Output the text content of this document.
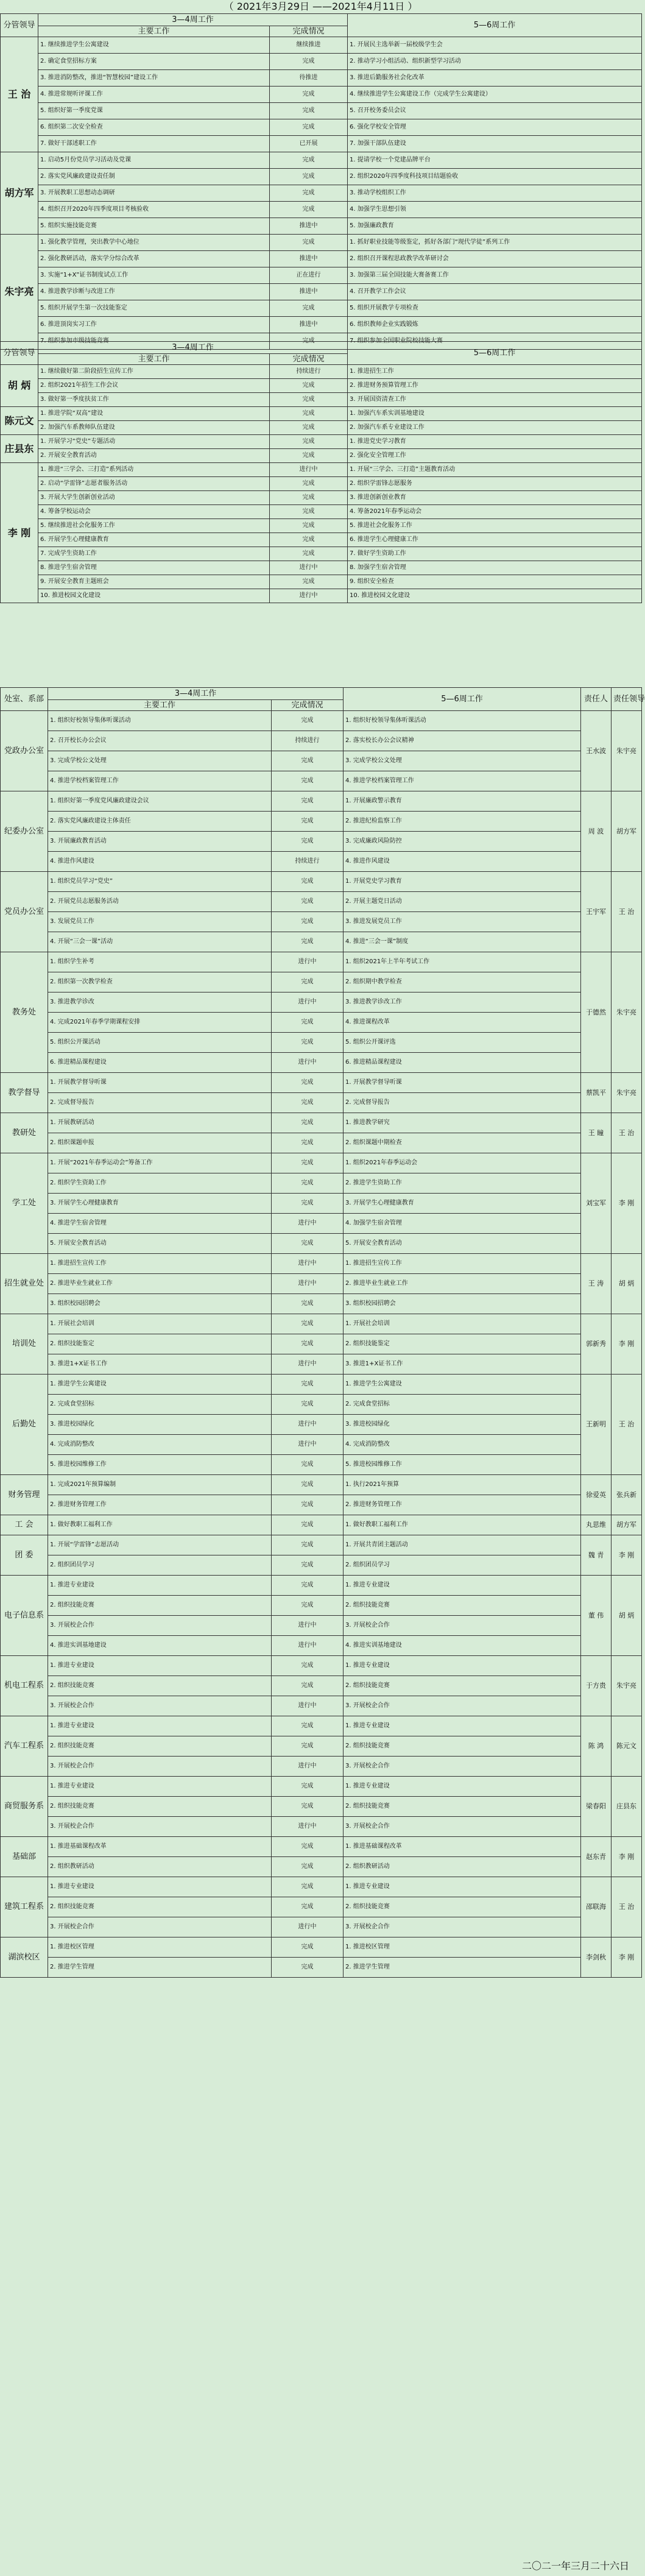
（ 2021年3月29日 ——2021年4月11日 ）
分管领导	3—4周工作		5—6周工作
	主要工作	完成情况	
王 治	1. 继续推进学生公寓建设	继续推进	1. 开展民主选举新一届校级学生会
	2. 确定食堂招标方案	完成	2. 推动学习小组活动、组织新型学习活动
	3. 推进消防整改，推进“智慧校园”建设工作	待推进	3. 推进后勤服务社会化改革
	4. 推进常规听评课工作	完成	4. 继续推进学生公寓建设工作（完成学生公寓建设）
	5. 组织好第一季度党课	完成	5. 召开校务委员会议
	6. 组织第二次安全检查	完成	6. 强化学校安全管理
	7. 做好干部述职工作	已开展	7. 加强干部队伍建设
胡方军	1. 启动5月份党员学习活动及党课	完成	1. 提请学校一个党建品牌平台
	2. 落实党风廉政建设责任制	完成	2. 组织2020年四季度科技项目结题验收
	3. 开展教职工思想动态调研	完成	3. 推动学校组织工作
	4. 组织召开2020年四季度项目考核验收	完成	4. 加强学生思想引领
	5. 组织实施技能竞赛	推进中	5. 加强廉政教育
朱宇亮	1. 强化教学管理，突出教学中心地位	完成	1. 抓好职业技能等级鉴定，抓好各部门“现代学徒”系列工作
	2. 强化教研活动，落实学分综合改革	推进中	2. 组织召开课程思政教学改革研讨会
	3. 实施“1+X”证书制度试点工作	正在进行	3. 加强第三届全国技能大赛备赛工作
	4. 推进教学诊断与改进工作	推进中	4. 召开教学工作会议
	5. 组织开展学生第一次技能鉴定	完成	5. 组织开展教学专项检查
	6. 推进顶岗实习工作	推进中	6. 组织教师企业实践锻炼
	7. 组织参加市级技能竞赛	完成	7. 组织参加全国职业院校技能大赛
分管领导	3—4周工作		5—6周工作
	主要工作	完成情况	
胡 炳	1. 继续做好第二阶段招生宣传工作	持续进行	1. 推进招生工作
	2. 组织2021年招生工作会议	完成	2. 推进财务预算管理工作
	3. 做好第一季度扶贫工作	完成	3. 开展国资清查工作
陈元文	1. 推进学院“双高”建设	完成	1. 加强汽车系实训基地建设
	2. 加强汽车系教师队伍建设	完成	2. 加强汽车系专业建设工作
庄县东	1. 开展学习“党史”专题活动	完成	1. 推进党史学习教育
	2. 开展安全教育活动	完成	2. 强化安全管理工作
李 刚	1. 推进“三学会、三打造”系列活动	进行中	1. 开展“三学会、三打造”主题教育活动
	2. 启动“学雷锋”志愿者服务活动	完成	2. 组织学雷锋志愿服务
	3. 开展大学生创新创业活动	完成	3. 推进创新创业教育
	4. 筹备学校运动会	完成	4. 筹备2021年春季运动会
	5. 继续推进社会化服务工作	完成	5. 推进社会化服务工作
	6. 开展学生心理健康教育	完成	6. 推进学生心理健康工作
	7. 完成学生资助工作	完成	7. 做好学生资助工作
	8. 推进学生宿舍管理	进行中	8. 加强学生宿舍管理
	9. 开展安全教育主题班会	完成	9. 组织安全检查
	10. 推进校园文化建设	进行中	10. 推进校园文化建设
处室、系部	3—4周工作		5—6周工作	责任人	责任领导
	主要工作	完成情况			
党政办公室	1. 组织好校领导集体听课活动	完成	1. 组织好校领导集体听课活动	王水波	朱宇亮
	2. 召开校长办公会议	持续进行	2. 落实校长办公会议精神		
	3. 完成学校公文处理	完成	3. 完成学校公文处理		
	4. 推进学校档案管理工作	完成	4. 推进学校档案管理工作		
纪委办公室	1. 组织好第一季度党风廉政建设会议	完成	1. 开展廉政警示教育	周 波	胡方军
	2. 落实党风廉政建设主体责任	完成	2. 推进纪检监察工作		
	3. 开展廉政教育活动	完成	3. 完成廉政风险防控		
	4. 推进作风建设	持续进行	4. 推进作风建设		
党员办公室	1. 组织党员学习“党史”	完成	1. 开展党史学习教育	王宇军	王 治
	2. 开展党员志愿服务活动	完成	2. 开展主题党日活动		
	3. 发展党员工作	完成	3. 推进发展党员工作		
	4. 开展“三会一课”活动	完成	4. 推进“三会一课”制度		
教务处	1. 组织学生补考	进行中	1. 组织2021年上半年考试工作	于德然	朱宇亮
	2. 组织第一次教学检查	完成	2. 组织期中教学检查		
	3. 推进教学诊改	进行中	3. 推进教学诊改工作		
	4. 完成2021年春季学期课程安排	完成	4. 推进课程改革		
	5. 组织公开课活动	完成	5. 组织公开课评选		
	6. 推进精品课程建设	进行中	6. 推进精品课程建设		
教学督导	1. 开展教学督导听课	完成	1. 开展教学督导听课	蔡凯平	朱宇亮
	2. 完成督导报告	完成	2. 完成督导报告		
教研处	1. 开展教研活动	完成	1. 推进教学研究	王 瞳	王 治
	2. 组织课题申报	完成	2. 组织课题中期检查		
学工处	1. 开展“2021年春季运动会”筹备工作	完成	1. 组织2021年春季运动会	刘宝军	李 刚
	2. 组织学生资助工作	完成	2. 推进学生资助工作		
	3. 开展学生心理健康教育	完成	3. 开展学生心理健康教育		
	4. 推进学生宿舍管理	进行中	4. 加强学生宿舍管理		
	5. 开展安全教育活动	完成	5. 开展安全教育活动		
招生就业处	1. 推进招生宣传工作	进行中	1. 推进招生宣传工作	王 涛	胡 炳
	2. 推进毕业生就业工作	进行中	2. 推进毕业生就业工作		
	3. 组织校园招聘会	完成	3. 组织校园招聘会		
培训处	1. 开展社会培训	完成	1. 开展社会培训	郭新秀	李 刚
	2. 组织技能鉴定	完成	2. 组织技能鉴定		
	3. 推进1+X证书工作	进行中	3. 推进1+X证书工作		
后勤处	1. 推进学生公寓建设	完成	1. 推进学生公寓建设	王新明	王 治
	2. 完成食堂招标	完成	2. 完成食堂招标		
	3. 推进校园绿化	进行中	3. 推进校园绿化		
	4. 完成消防整改	进行中	4. 完成消防整改		
	5. 推进校园维修工作	完成	5. 推进校园维修工作		
财务管理	1. 完成2021年预算编制	完成	1. 执行2021年预算	徐爱英	张兵新
	2. 推进财务管理工作	完成	2. 推进财务管理工作		
工 会	1. 做好教职工福利工作	完成	1. 做好教职工福利工作	丸思维	胡方军
团 委	1. 开展“学雷锋”志愿活动	完成	1. 开展共青团主题活动	魏 青	李 刚
	2. 组织团员学习	完成	2. 组织团员学习		
电子信息系	1. 推进专业建设	完成	1. 推进专业建设	董 伟	胡 炳
	2. 组织技能竞赛	完成	2. 组织技能竞赛		
	3. 开展校企合作	进行中	3. 开展校企合作		
	4. 推进实训基地建设	进行中	4. 推进实训基地建设		
机电工程系	1. 推进专业建设	完成	1. 推进专业建设	于方贵	朱宇亮
	2. 组织技能竞赛	完成	2. 组织技能竞赛		
	3. 开展校企合作	进行中	3. 开展校企合作		
汽车工程系	1. 推进专业建设	完成	1. 推进专业建设	陈 鸿	陈元文
	2. 组织技能竞赛	完成	2. 组织技能竞赛		
	3. 开展校企合作	进行中	3. 开展校企合作		
商贸服务系	1. 推进专业建设	完成	1. 推进专业建设	梁春阳	庄县东
	2. 组织技能竞赛	完成	2. 组织技能竞赛		
	3. 开展校企合作	进行中	3. 开展校企合作		
基础部	1. 推进基础课程改革	完成	1. 推进基础课程改革	赵东青	李 刚
	2. 组织教研活动	完成	2. 组织教研活动		
建筑工程系	1. 推进专业建设	完成	1. 推进专业建设	邵联海	王 治
	2. 组织技能竞赛	完成	2. 组织技能竞赛		
	3. 开展校企合作	进行中	3. 开展校企合作		
湖滨校区	1. 推进校区管理	完成	1. 推进校区管理	李剑秋	李 刚
	2. 推进学生管理	完成	2. 推进学生管理		
二〇二一年三月二十六日
